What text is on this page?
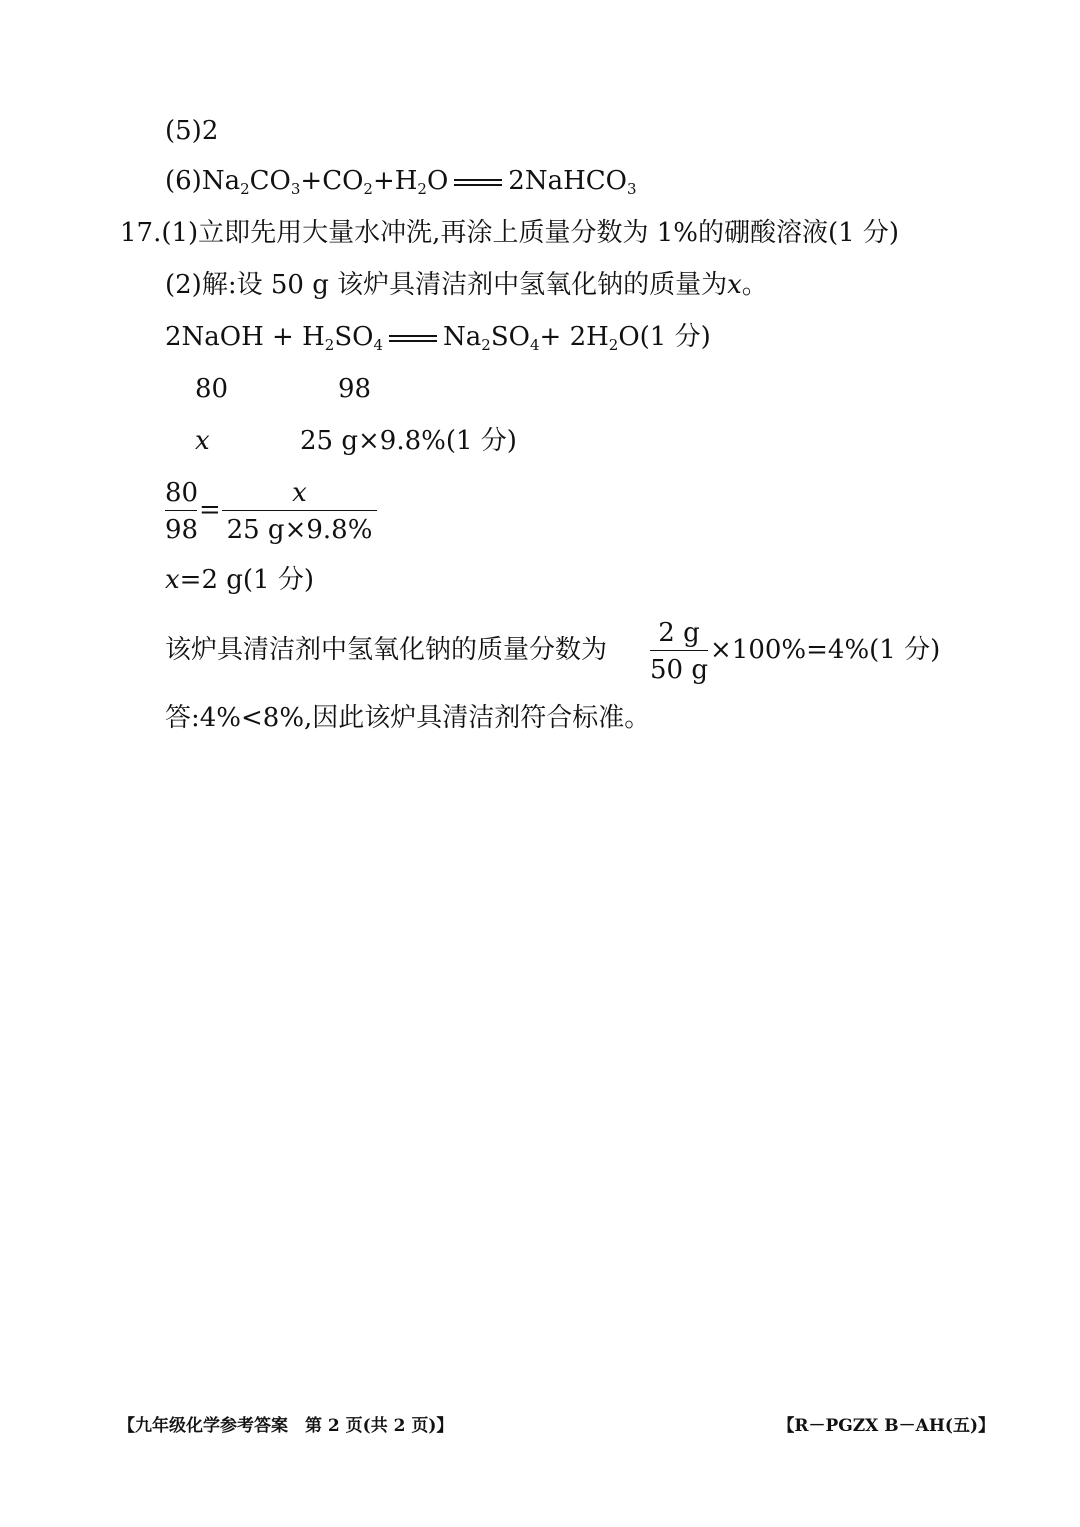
(5)2
$(6)Na_2CO_3+CO_2+H_2O$ 2NaHCO$_3$
17.(1)立即先用大量水冲洗,再涂上质量分数为 1%的硼酸溶液(1 分)
(2)解:设 50 g 该炉具清洁剂中氢氧化钠的质量为x。
2NaOH + $H_2SO_4$ $Na_2SO_4+ 2H_2O(1$ 分)
80	98
x	25 g×9.8%(1 分)
$\frac{80}{98} = \frac{x}{25 g\times 9.8\%}$
x=2 g(1 分)
该炉具清洁剂中氢氧化钠的质量分数为 $\frac{2 g}{50 g} \times 100\%=4\%(1$ 分)
答:4%<8%,因此该炉具清洁剂符合标准。
【九年级化学参考答案　第 2 页(共 2 页)】	【R－PGZX B－AH(五)】
